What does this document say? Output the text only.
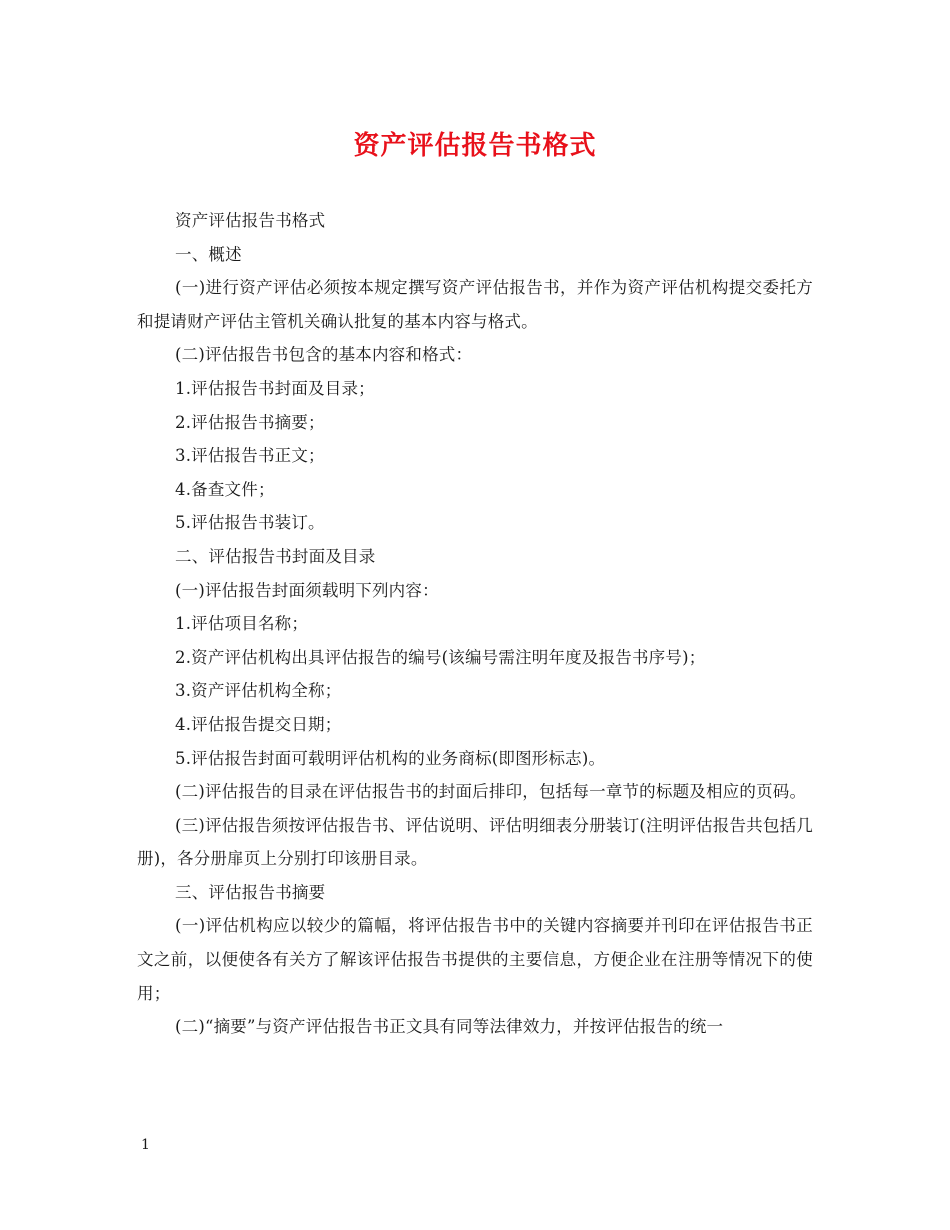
资产评估报告书格式

资产评估报告书格式

一、概述

(一)进行资产评估必须按本规定撰写资产评估报告书，并作为资产评估机构提交委托方和提请财产评估主管机关确认批复的基本内容与格式。

(二)评估报告书包含的基本内容和格式：

1.评估报告书封面及目录；

2.评估报告书摘要；

3.评估报告书正文；

4.备查文件；

5.评估报告书装订。

二、评估报告书封面及目录

(一)评估报告封面须载明下列内容：

1.评估项目名称；

2.资产评估机构出具评估报告的编号(该编号需注明年度及报告书序号)；

3.资产评估机构全称；

4.评估报告提交日期；

5.评估报告封面可载明评估机构的业务商标(即图形标志)。

(二)评估报告的目录在评估报告书的封面后排印，包括每一章节的标题及相应的页码。

(三)评估报告须按评估报告书、评估说明、评估明细表分册装订(注明评估报告共包括几册)，各分册扉页上分别打印该册目录。

三、评估报告书摘要

(一)评估机构应以较少的篇幅，将评估报告书中的关键内容摘要并刊印在评估报告书正文之前，以便使各有关方了解该评估报告书提供的主要信息，方便企业在注册等情况下的使用；

(二)“摘要”与资产评估报告书正文具有同等法律效力，并按评估报告的统一

1
